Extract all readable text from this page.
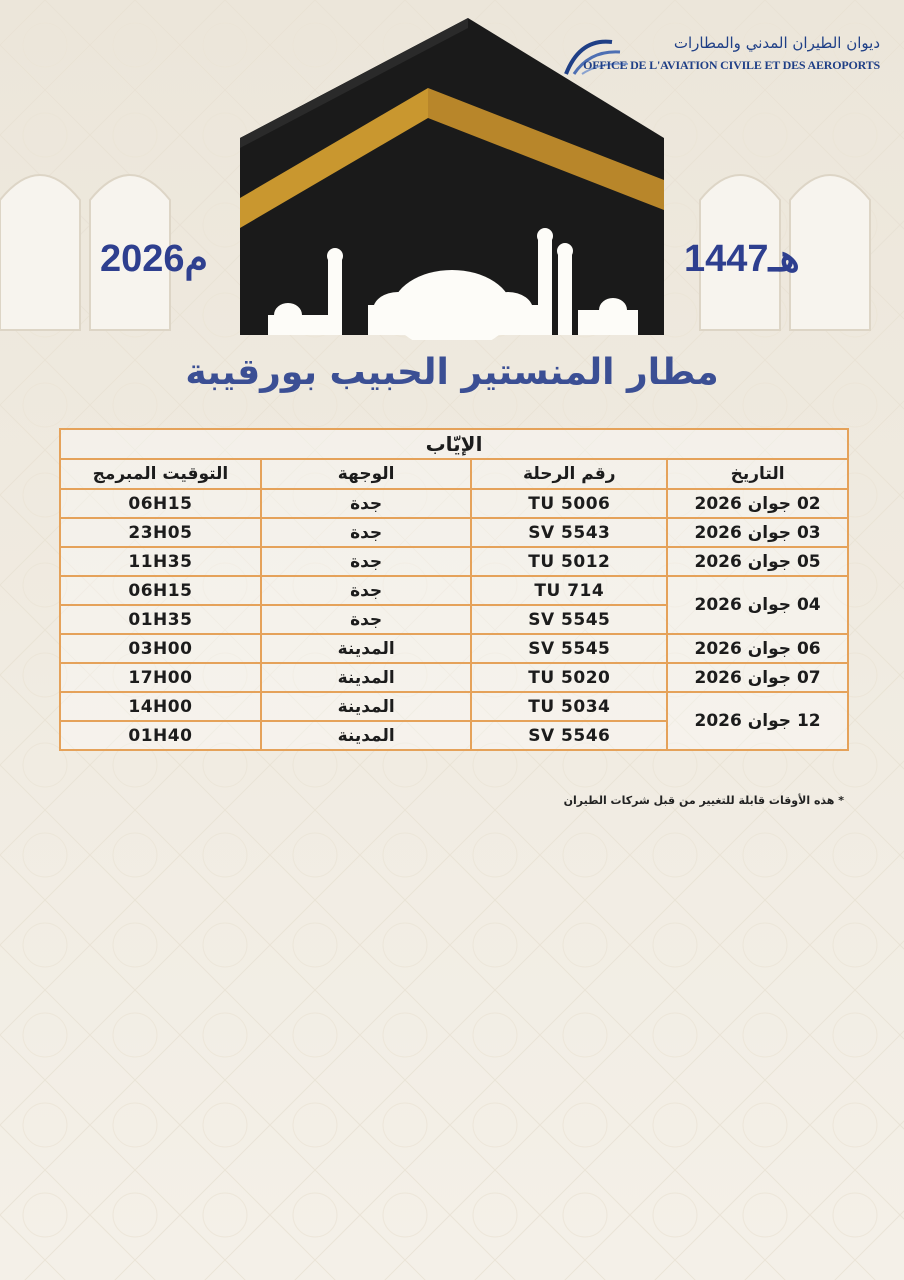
ديوان الطيران المدني والمطارات
OFFICE DE L'AVIATION CIVILE ET DES AEROPORTS
2026م	1447هـ
مطار المنستير الحبيب بورقيبة
الإيّاب			
التاريخ	رقم الرحلة	الوجهة	التوقيت المبرمج
02 جوان 2026	TU 5006	جدة	06H15
03 جوان 2026	SV 5543	جدة	23H05
05 جوان 2026	TU 5012	جدة	11H35
04 جوان 2026	TU 714	جدة	06H15
	SV 5545	جدة	01H35
06 جوان 2026	SV 5545	المدينة	03H00
07 جوان 2026	TU 5020	المدينة	17H00
12 جوان 2026	TU 5034	المدينة	14H00
	SV 5546	المدينة	01H40
* هذه الأوقات قابلة للتغيير من قبل شركات الطيران
